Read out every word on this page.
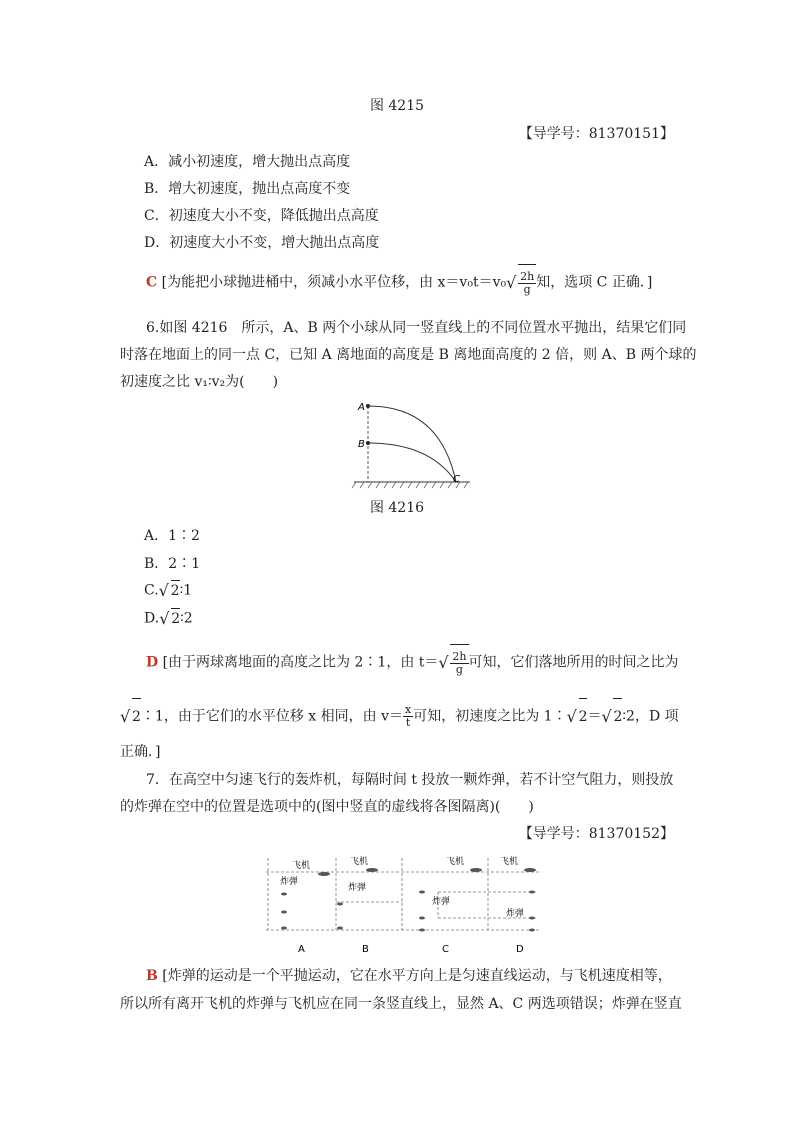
图 4215
【导学号：81370151】
A．减小初速度，增大抛出点高度
B．增大初速度，抛出点高度不变
C．初速度大小不变，降低抛出点高度
D．初速度大小不变，增大抛出点高度
C [为能把小球抛进桶中，须减小水平位移，由 x＝v₀t＝v₀ √ $\frac{2h}{g}$ 知，选项 C 正确．]
6.如图 4216　所示，A、B 两个小球从同一竖直线上的不同位置水平抛出，结果它们同
时落在地面上的同一点 C，已知 A 离地面的高度是 B 离地面高度的 2 倍，则 A、B 两个球的
初速度之比 v₁∶v₂为(　　)
A
B
C
图 4216
A．1∶2
B．2∶1
C. √ 2∶1
D. √ 2∶2
D [由于两球离地面的高度之比为 2∶1，由 t＝ √ $\frac{2h}{g}$ 可知，它们落地所用的时间之比为
√ 2∶1，由于它们的水平位移 x 相同，由 $v= \frac{x}{t}$ 可知，初速度之比为 1∶ √ 2＝ √ 2∶2，D 项
正确．]
7．在高空中匀速飞行的轰炸机，每隔时间 t 投放一颗炸弹，若不计空气阻力，则投放
的炸弹在空中的位置是选项中的(图中竖直的虚线将各图隔离)(　　)
【导学号：81370152】
飞机	飞机	飞机	飞机
炸弹
炸弹
炸弹
炸弹
A	B	C	D
B [炸弹的运动是一个平抛运动，它在水平方向上是匀速直线运动，与飞机速度相等，
所以所有离开飞机的炸弹与飞机应在同一条竖直线上，显然 A、C 两选项错误；炸弹在竖直
